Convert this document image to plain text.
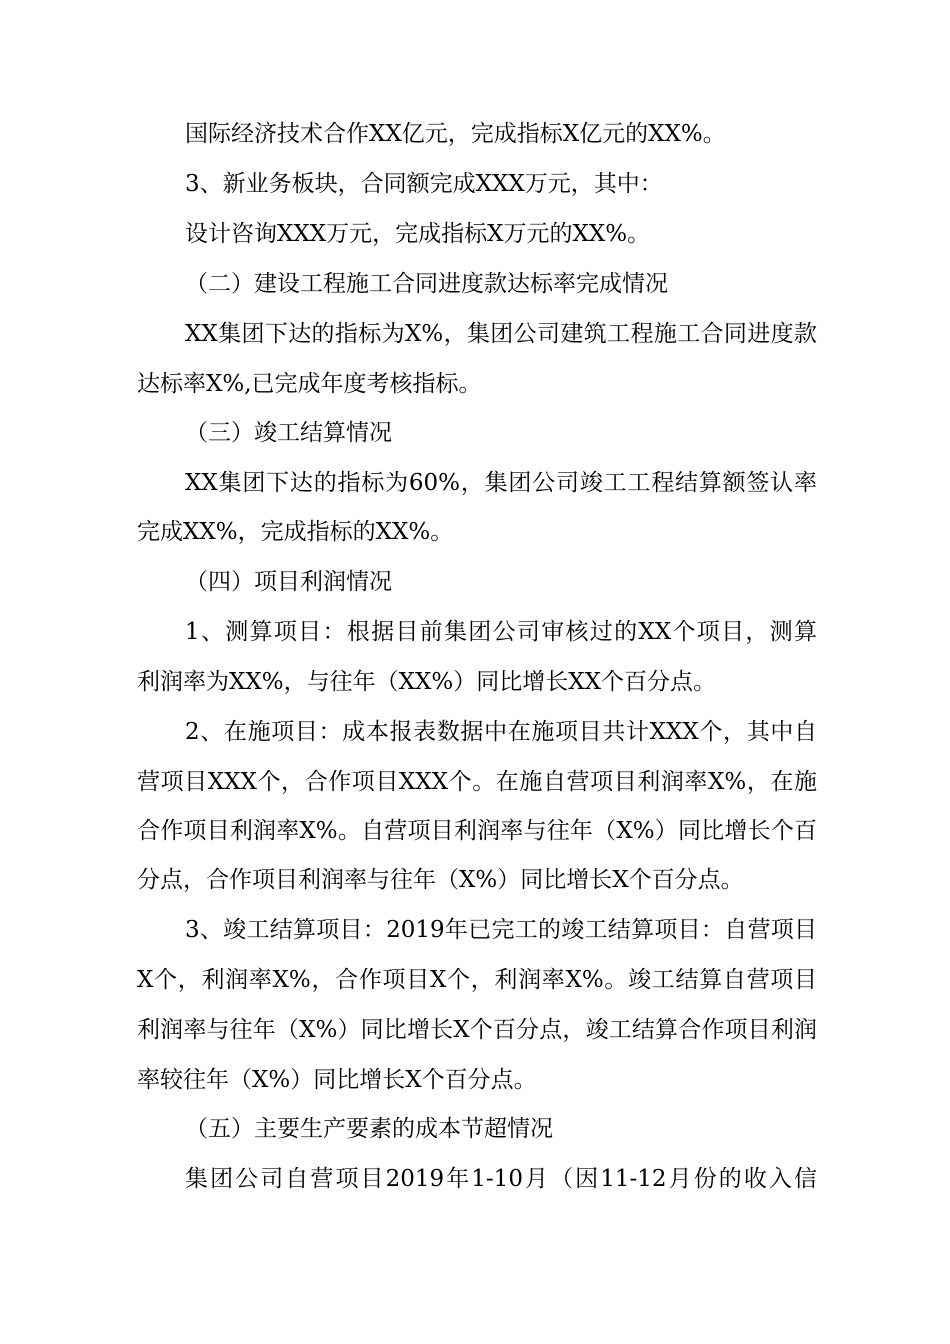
国际经济技术合作XX亿元，完成指标X亿元的XX%。
3、新业务板块，合同额完成XXX万元，其中：
设计咨询XXX万元，完成指标X万元的XX%。
（二）建设工程施工合同进度款达标率完成情况
XX集团下达的指标为X%，集团公司建筑工程施工合同进度款
达标率X%,已完成年度考核指标。
（三）竣工结算情况
XX集团下达的指标为60%，集团公司竣工工程结算额签认率
完成XX%，完成指标的XX%。
（四）项目利润情况
1、测算项目：根据目前集团公司审核过的XX个项目，测算
利润率为XX%，与往年（XX%）同比增长XX个百分点。
2、在施项目：成本报表数据中在施项目共计XXX个，其中自
营项目XXX个，合作项目XXX个。在施自营项目利润率X%，在施
合作项目利润率X%。自营项目利润率与往年（X%）同比增长个百
分点，合作项目利润率与往年（X%）同比增长X个百分点。
3、竣工结算项目：2019年已完工的竣工结算项目：自营项目
X个，利润率X%，合作项目X个，利润率X%。竣工结算自营项目
利润率与往年（X%）同比增长X个百分点，竣工结算合作项目利润
率较往年（X%）同比增长X个百分点。
（五）主要生产要素的成本节超情况
集团公司自营项目2019年1-10月（因11-12月份的收入信
